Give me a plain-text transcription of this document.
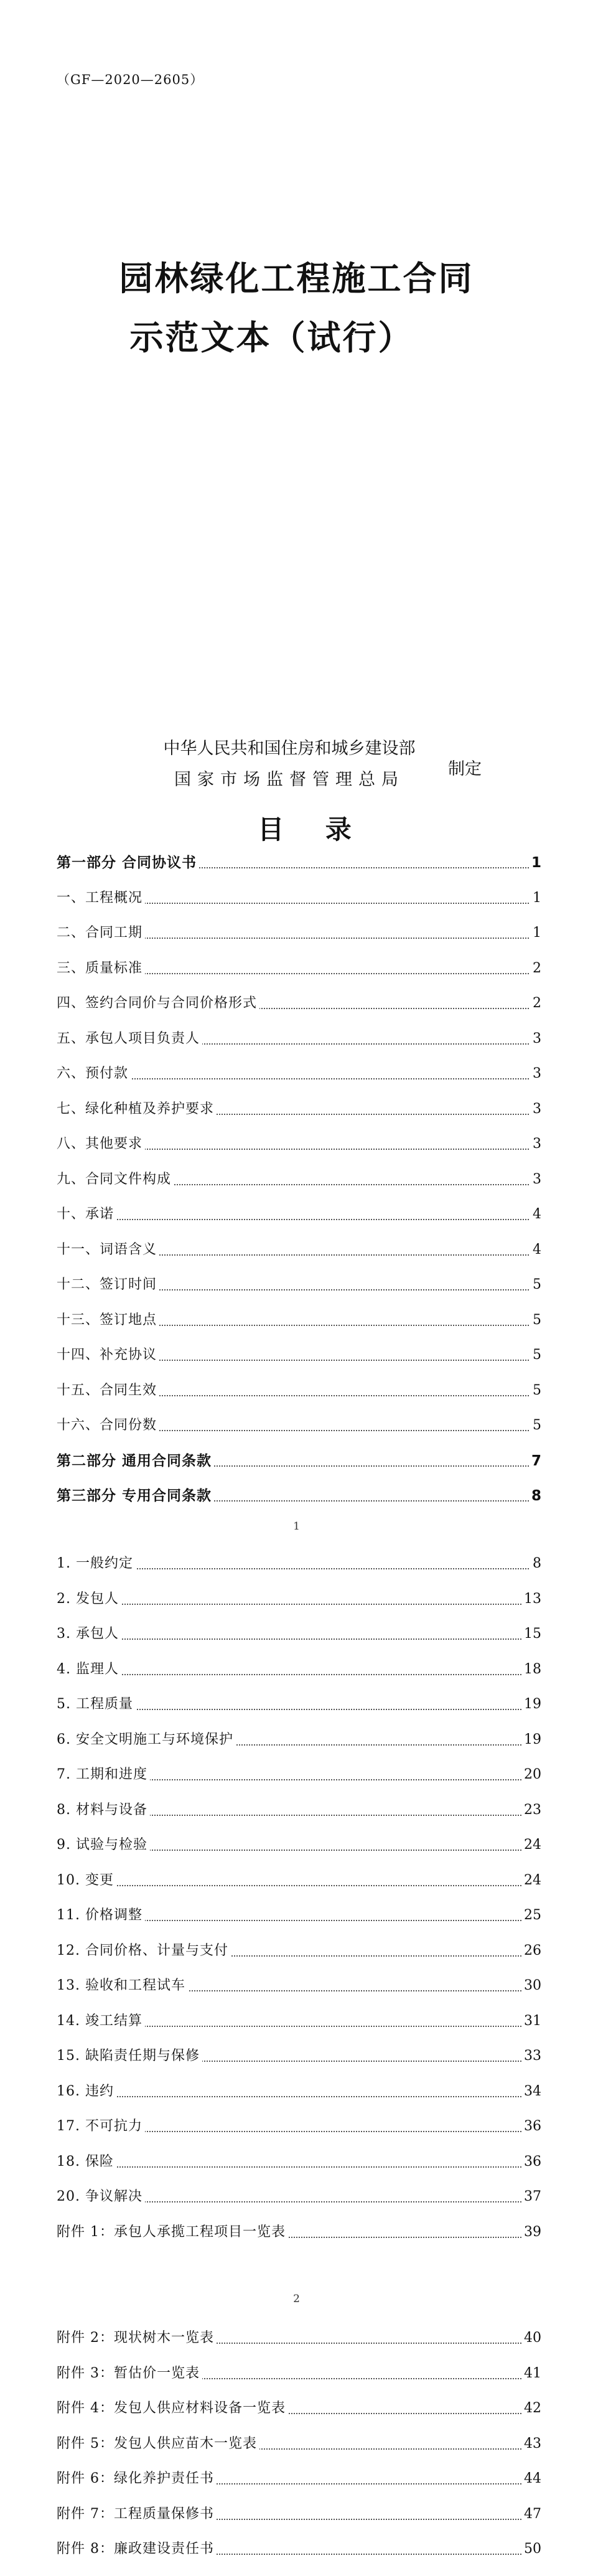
（GF—2020—2605）
园林绿化工程施工合同
示范文本（试行）
中华人民共和国住房和城乡建设部
国家市场监督管理总局
制定
目 录
第一部分 合同协议书	1
一、工程概况	1
二、合同工期	1
三、质量标准	2
四、签约合同价与合同价格形式	2
五、承包人项目负责人	3
六、预付款	3
七、绿化种植及养护要求	3
八、其他要求	3
九、合同文件构成	3
十、承诺	4
十一、词语含义	4
十二、签订时间	5
十三、签订地点	5
十四、补充协议	5
十五、合同生效	5
十六、合同份数	5
第二部分 通用合同条款	7
第三部分 专用合同条款	8
1
1. 一般约定	8
2. 发包人	13
3. 承包人	15
4. 监理人	18
5. 工程质量	19
6. 安全文明施工与环境保护	19
7. 工期和进度	20
8. 材料与设备	23
9. 试验与检验	24
10. 变更	24
11. 价格调整	25
12. 合同价格、计量与支付	26
13. 验收和工程试车	30
14. 竣工结算	31
15. 缺陷责任期与保修	33
16. 违约	34
17. 不可抗力	36
18. 保险	36
20. 争议解决	37
附件 1：承包人承揽工程项目一览表	39
2
附件 2：现状树木一览表	40
附件 3：暂估价一览表	41
附件 4：发包人供应材料设备一览表	42
附件 5：发包人供应苗木一览表	43
附件 6：绿化养护责任书	44
附件 7：工程质量保修书	47
附件 8：廉政建设责任书	50
